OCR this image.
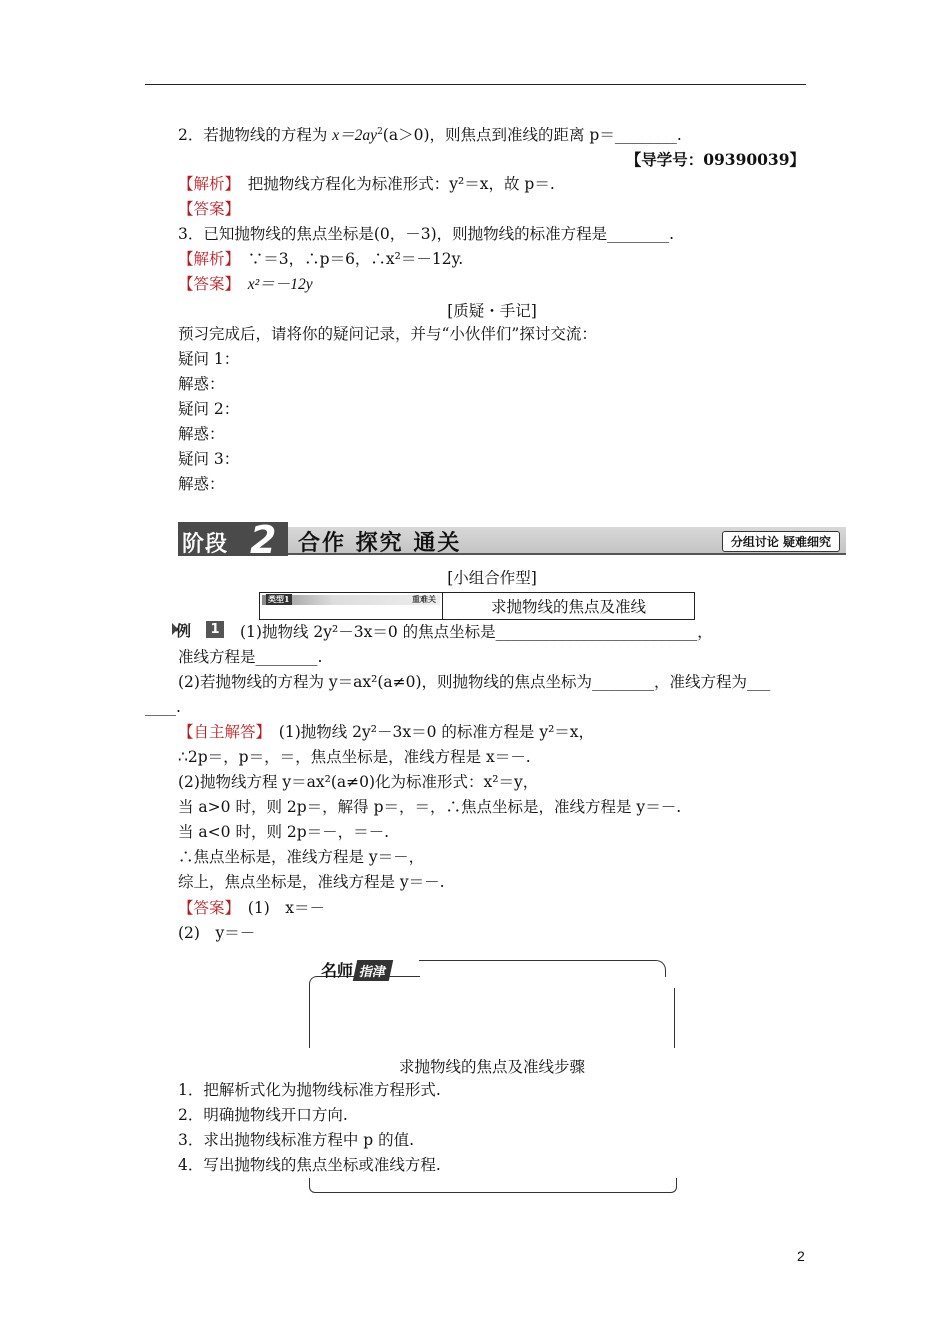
2．若抛物线的方程为 $x=2ay^2(a>0)$，则焦点到准线的距离 p＝________.
【导学号：09390039】
【解析】　 把抛物线方程化为标准形式：y²＝x，故 p＝.
【答案】
3．已知抛物线的焦点坐标是(0，－3)，则抛物线的标准方程是________.
【解析】　 ∵＝3，∴p＝6，∴x²＝－12y.
【答案】　 x²＝－12y
[质疑・手记]
预习完成后，请将你的疑问记录，并与“小伙伴们”探讨交流：
疑问 1：
解惑：
疑问 2：
解惑：
疑问 3：
解惑：
阶段 2 合作 探究 通关	分组讨论 疑难细究
[小组合作型]
类型1	重难关	求抛物线的焦点及准线
例	1 (1)抛物线 2y²－3x＝0 的焦点坐标是__________________________，
准线方程是________.
(2)若抛物线的方程为 y＝ax²(a≠0)，则抛物线的焦点坐标为________，准线方程为___
____.
【自主解答】　 (1)抛物线 2y²－3x＝0 的标准方程是 y²＝x，
∴2p＝，p＝，＝，焦点坐标是，准线方程是 x＝－.
(2)抛物线方程 y＝ax²(a≠0)化为标准形式：x²＝y，
当 a>0 时，则 2p＝，解得 p＝，＝，∴焦点坐标是，准线方程是 y＝－.
当 a<0 时，则 2p＝－，＝－.
∴焦点坐标是，准线方程是 y＝－，
综上，焦点坐标是，准线方程是 y＝－.
【答案】　 (1)　x＝－
(2)　y＝－
名师 指津
求抛物线的焦点及准线步骤
1．把解析式化为抛物线标准方程形式.
2．明确抛物线开口方向.
3．求出抛物线标准方程中 p 的值.
4．写出抛物线的焦点坐标或准线方程.
2
